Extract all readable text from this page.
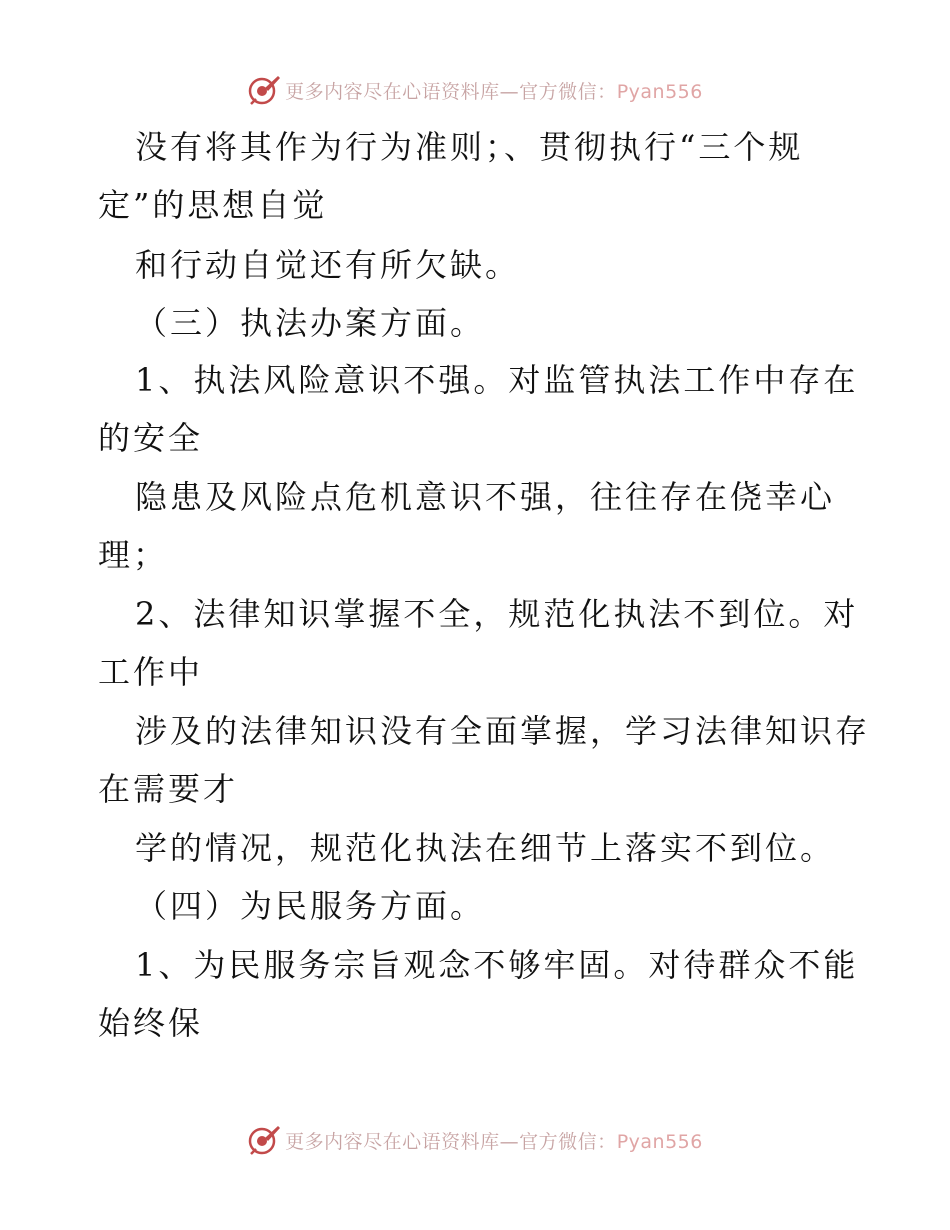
更多内容尽在心语资料库—官方微信：Pyan556
没有将其作为行为准则；、贯彻执行“三个规
定”的思想自觉
和行动自觉还有所欠缺。
（三）执法办案方面。
1、执法风险意识不强。对监管执法工作中存在
的安全
隐患及风险点危机意识不强，往往存在侥幸心
理；
2、法律知识掌握不全，规范化执法不到位。对
工作中
涉及的法律知识没有全面掌握，学习法律知识存
在需要才
学的情况，规范化执法在细节上落实不到位。
（四）为民服务方面。
1、为民服务宗旨观念不够牢固。对待群众不能
始终保
更多内容尽在心语资料库—官方微信：Pyan556
